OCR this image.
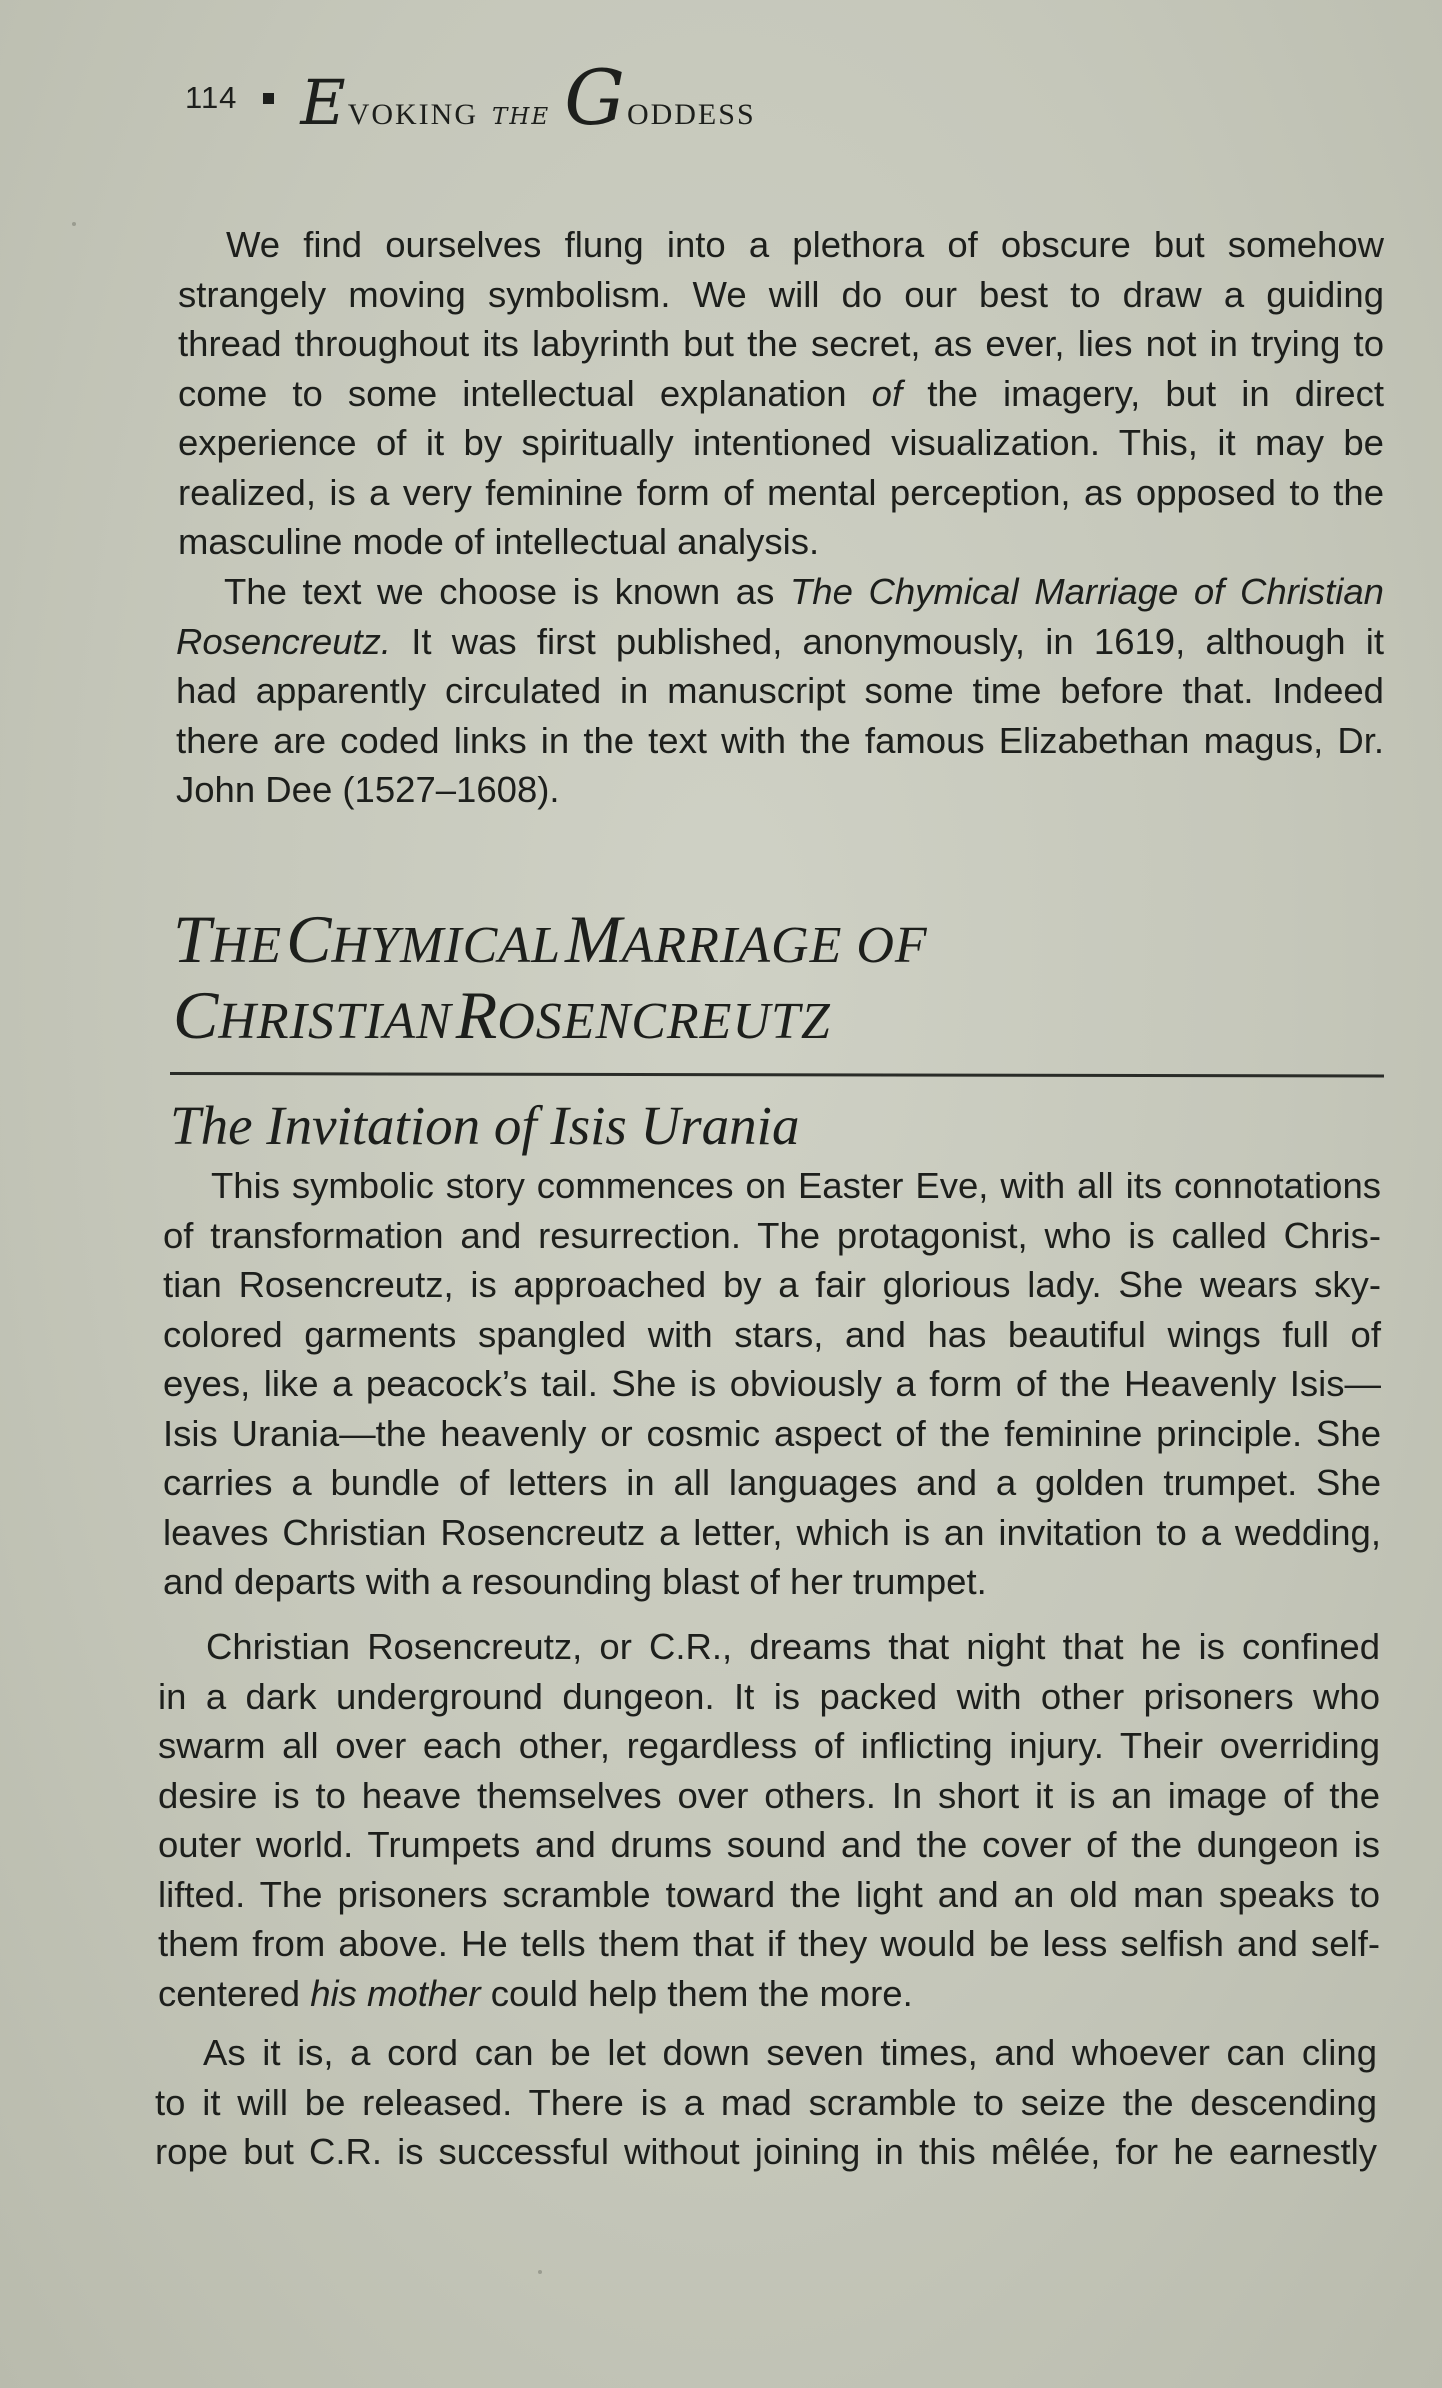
114 E VOKING the G ODDESS
We find ourselves flung into a plethora of obscure but somehow
strangely moving symbolism. We will do our best to draw a guiding
thread throughout its labyrinth but the secret, as ever, lies not in trying to
come to some intellectual explanation of the imagery, but in direct
experience of it by spiritually intentioned visualization. This, it may be
realized, is a very feminine form of mental perception, as opposed to the
masculine mode of intellectual analysis.
The text we choose is known as The Chymical Marriage of Christian
Rosencreutz. It was first published, anonymously, in 1619, although it
had apparently circulated in manuscript some time before that. Indeed
there are coded links in the text with the famous Elizabethan magus, Dr.
John Dee (1527–1608).
THE CHYMICAL MARRIAGE OF
CHRISTIAN ROSENCREUTZ
The Invitation of Isis Urania
This symbolic story commences on Easter Eve, with all its connotations
of transformation and resurrection. The protagonist, who is called Chris-
tian Rosencreutz, is approached by a fair glorious lady. She wears sky-
colored garments spangled with stars, and has beautiful wings full of
eyes, like a peacock’s tail. She is obviously a form of the Heavenly Isis—
Isis Urania—the heavenly or cosmic aspect of the feminine principle. She
carries a bundle of letters in all languages and a golden trumpet. She
leaves Christian Rosencreutz a letter, which is an invitation to a wedding,
and departs with a resounding blast of her trumpet.
Christian Rosencreutz, or C.R., dreams that night that he is confined
in a dark underground dungeon. It is packed with other prisoners who
swarm all over each other, regardless of inflicting injury. Their overriding
desire is to heave themselves over others. In short it is an image of the
outer world. Trumpets and drums sound and the cover of the dungeon is
lifted. The prisoners scramble toward the light and an old man speaks to
them from above. He tells them that if they would be less selfish and self-
centered his mother could help them the more.
As it is, a cord can be let down seven times, and whoever can cling
to it will be released. There is a mad scramble to seize the descending
rope but C.R. is successful without joining in this mêlée, for he earnestly
